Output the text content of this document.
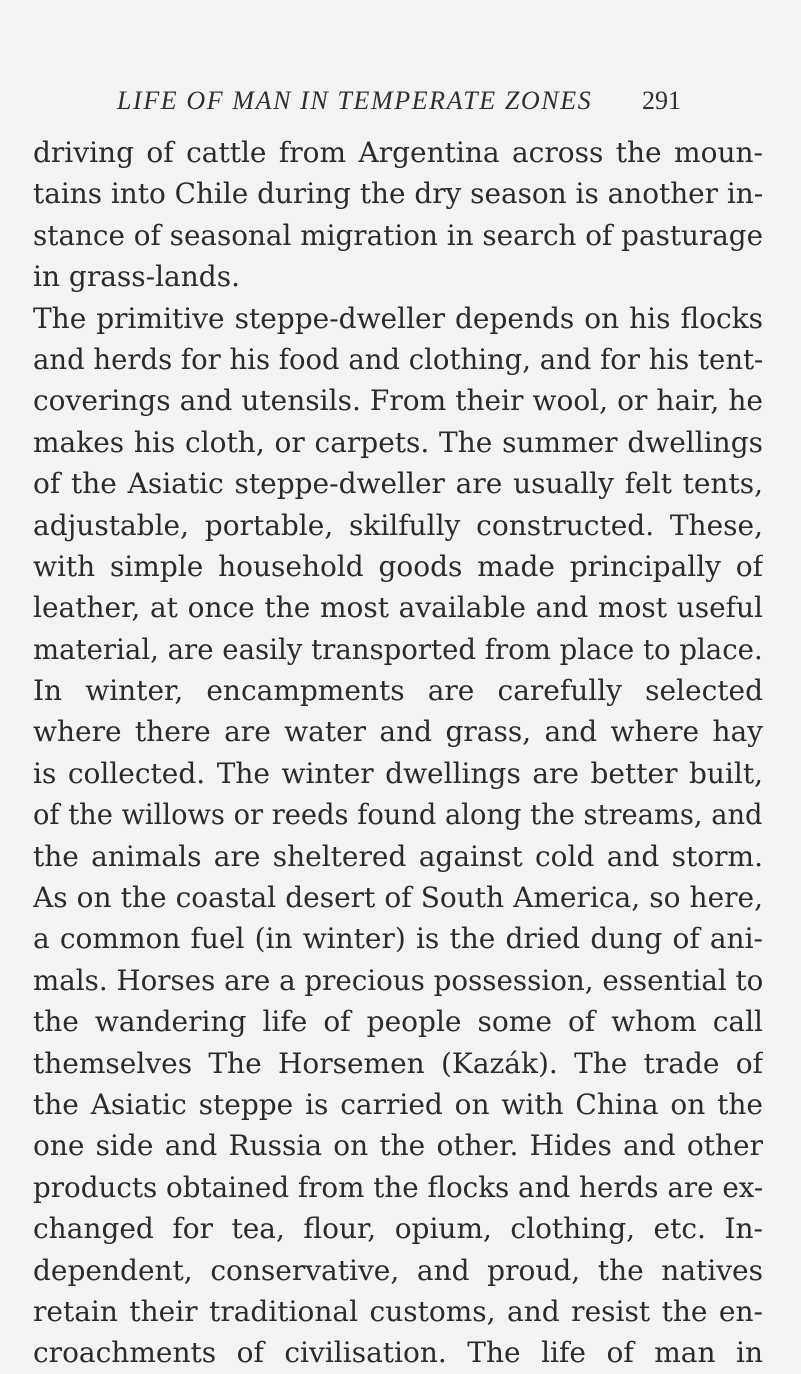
LIFE OF MAN IN TEMPERATE ZONES 291
driving of cattle from Argentina across the moun-
tains into Chile during the dry season is another in-
stance of seasonal migration in search of pasturage
in grass-lands.
The primitive steppe-dweller depends on his flocks
and herds for his food and clothing, and for his tent-
coverings and utensils. From their wool, or hair, he
makes his cloth, or carpets. The summer dwellings
of the Asiatic steppe-dweller are usually felt tents,
adjustable, portable, skilfully constructed. These,
with simple household goods made principally of
leather, at once the most available and most useful
material, are easily transported from place to place.
In winter, encampments are carefully selected
where there are water and grass, and where hay
is collected. The winter dwellings are better built,
of the willows or reeds found along the streams, and
the animals are sheltered against cold and storm.
As on the coastal desert of South America, so here,
a common fuel (in winter) is the dried dung of ani-
mals. Horses are a precious possession, essential to
the wandering life of people some of whom call
themselves The Horsemen (Kazák). The trade of
the Asiatic steppe is carried on with China on the
one side and Russia on the other. Hides and other
products obtained from the flocks and herds are ex-
changed for tea, flour, opium, clothing, etc. In-
dependent, conservative, and proud, the natives
retain their traditional customs, and resist the en-
croachments of civilisation. The life of man in
